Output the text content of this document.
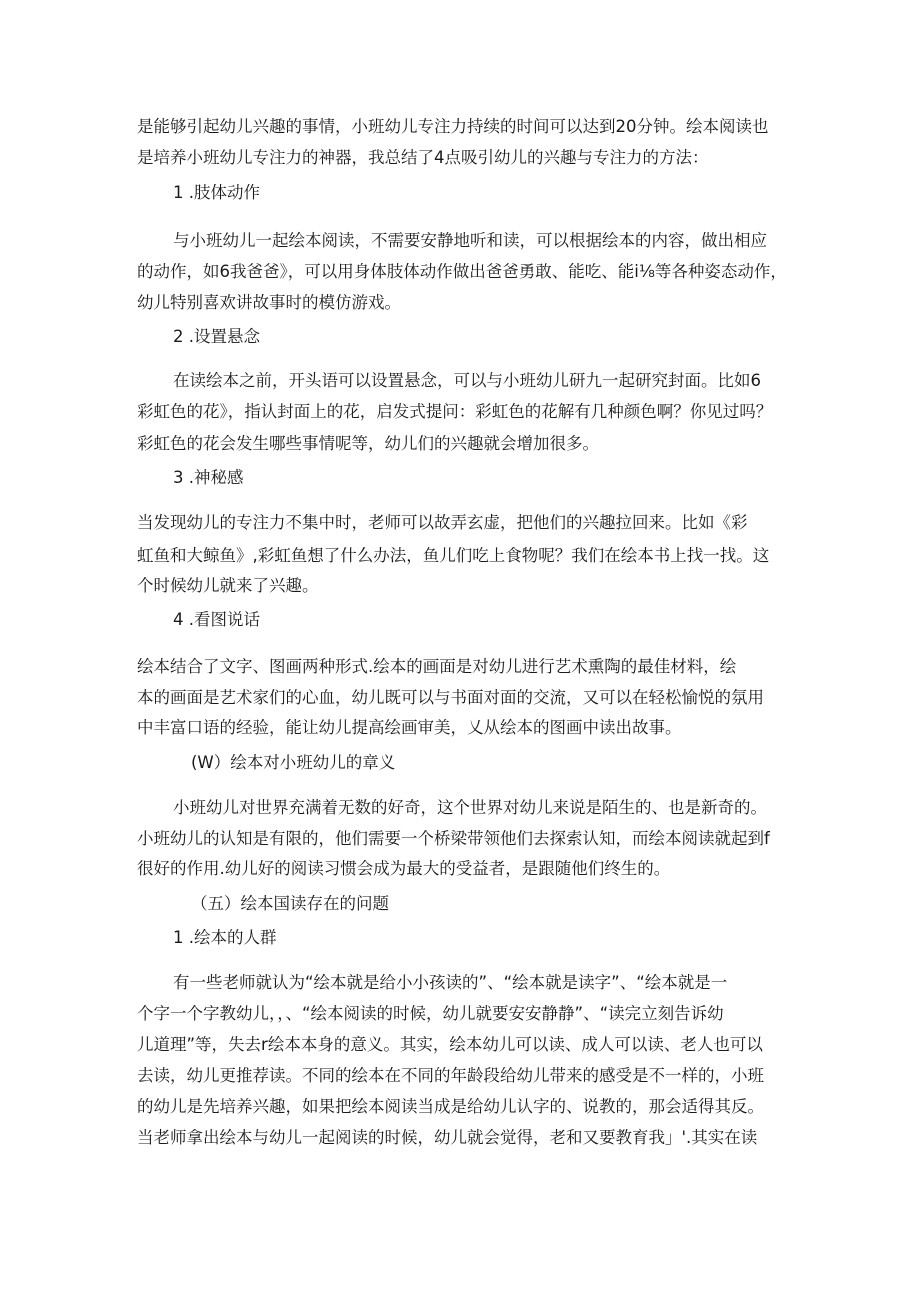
是能够引起幼儿兴趣的事情，小班幼儿专注力持续的时间可以达到20分钟。绘本阅读也
是培养小班幼儿专注力的神器，我总结了4点吸引幼儿的兴趣与专注力的方法：
1 .肢体动作
与小班幼儿一起绘本阅读，不需要安静地听和读，可以根据绘本的内容，做出相应
的动作，如6我爸爸》，可以用身体肢体动作做出爸爸勇敢、能吃、能i⅛等各种姿态动作，
幼儿特别喜欢讲故事时的模仿游戏。
2 .设置悬念
在读绘本之前，开头语可以设置悬念，可以与小班幼儿研九一起研究封面。比如6
彩虹色的花》，指认封面上的花，启发式提问：彩虹色的花解有几种颜色啊？你见过吗？
彩虹色的花会发生哪些事情呢等，幼儿们的兴趣就会增加很多。
3 .神秘感
当发现幼儿的专注力不集中时，老师可以故弄玄虚，把他们的兴趣拉回来。比如《彩
虹鱼和大鲸鱼》,彩虹鱼想了什么办法，鱼儿们吃上食物呢？我们在绘本书上找一找。这
个时候幼儿就来了兴趣。
4 .看图说话
绘本结合了文字、图画两种形式.绘本的画面是对幼儿进行艺术熏陶的最佳材料，绘
本的画面是艺术家们的心血，幼儿既可以与书面对面的交流，又可以在轻松愉悦的氛用
中丰富口语的经验，能让幼儿提高绘画审美，乂从绘本的图画中读出故事。
(W）绘本对小班幼儿的章义
小班幼儿对世界充满着无数的好奇，这个世界对幼儿来说是陌生的、也是新奇的。
小班幼儿的认知是有限的，他们需要一个桥梁带领他们去探索认知，而绘本阅读就起到f
很好的作用.幼儿好的阅读习惯会成为最大的受益者，是跟随他们终生的。
（五）绘本国读存在的问题
1 .绘本的人群
有一些老师就认为“绘本就是给小小孩读的”、“绘本就是读字”、“绘本就是一
个字一个字教幼儿，，、“绘本阅读的时候，幼儿就要安安静静”、“读完立刻告诉幼
儿道理”等，失去r绘本本身的意义。其实，绘本幼儿可以读、成人可以读、老人也可以
去读，幼儿更推荐读。不同的绘本在不同的年龄段给幼儿带来的感受是不一样的，小班
的幼儿是先培养兴趣，如果把绘本阅读当成是给幼儿认字的、说教的，那会适得其反。
当老师拿出绘本与幼儿一起阅读的时候，幼儿就会觉得，老和又要教育我」'.其实在读
